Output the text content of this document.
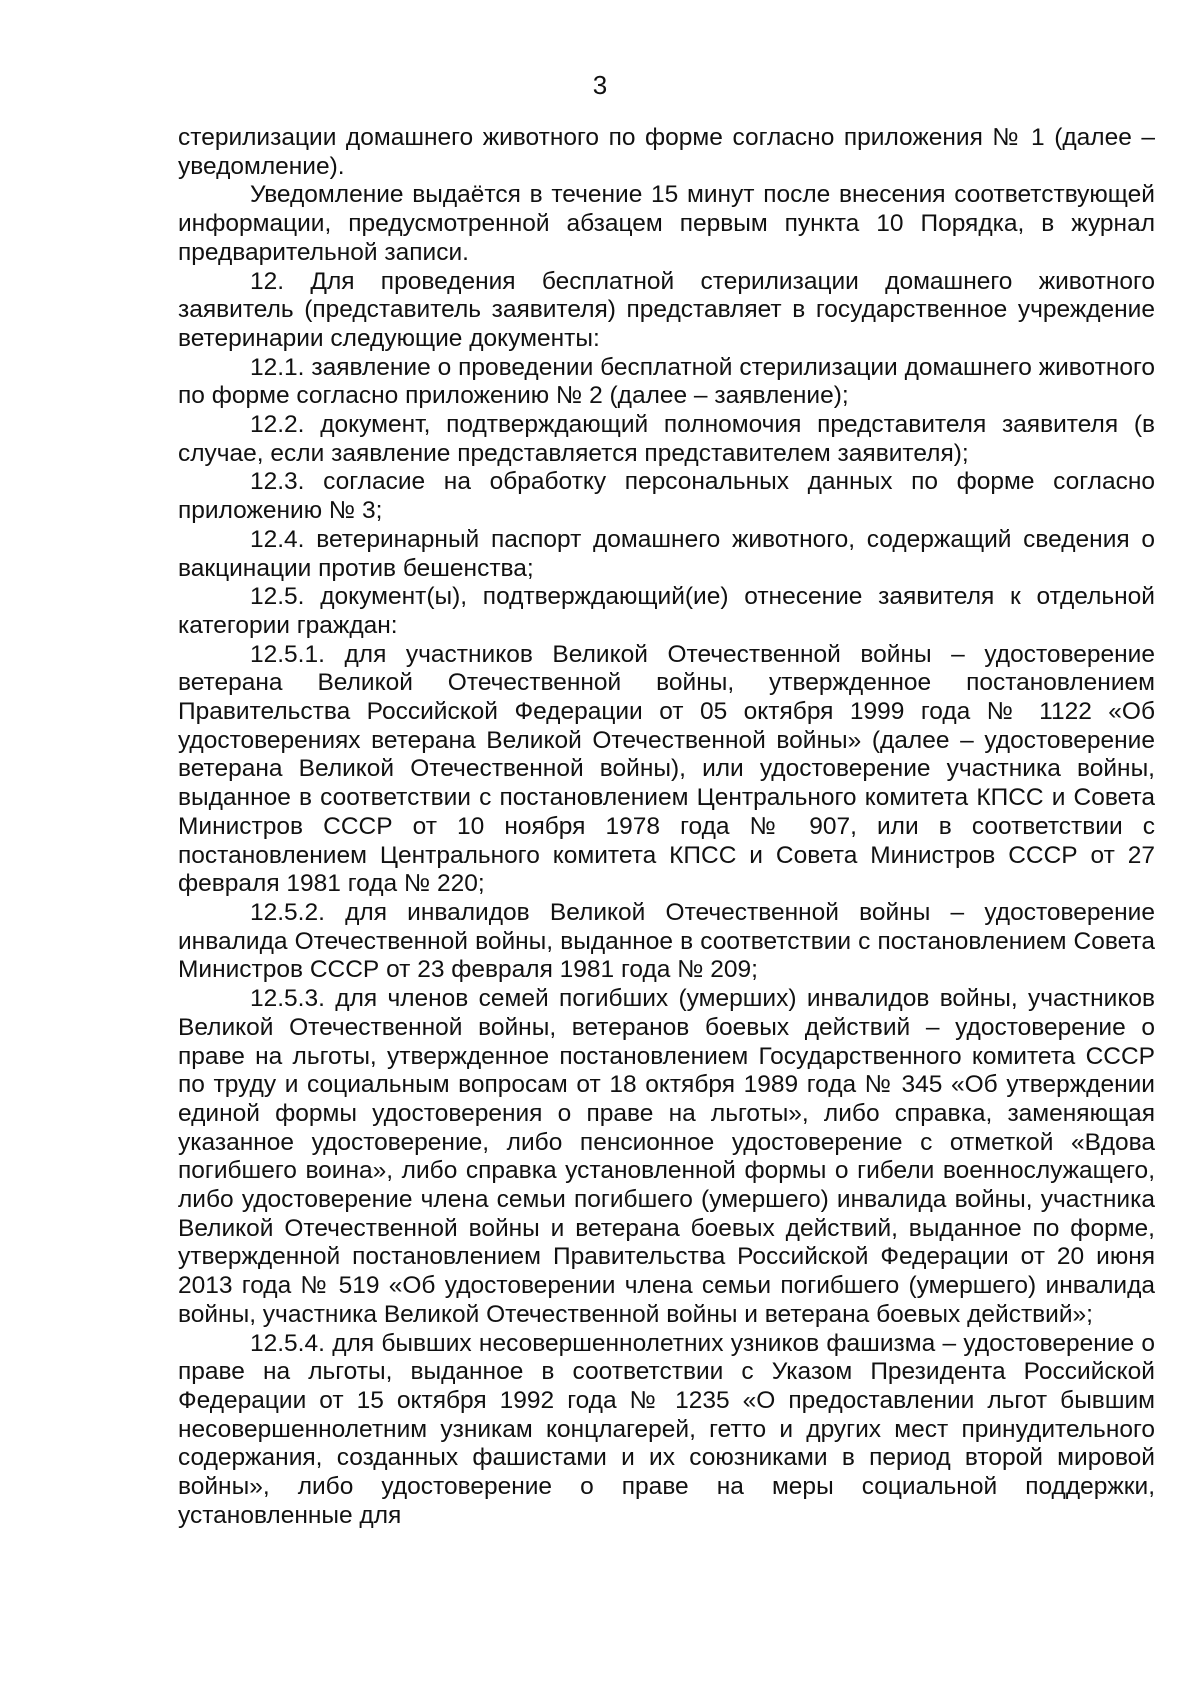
3

стерилизации домашнего животного по форме согласно приложения № 1 (далее – уведомление).

Уведомление выдаётся в течение 15 минут после внесения соответствующей информации, предусмотренной абзацем первым пункта 10 Порядка, в журнал предварительной записи.

12. Для проведения бесплатной стерилизации домашнего животного заявитель (представитель заявителя) представляет в государственное учреждение ветеринарии следующие документы:

12.1. заявление о проведении бесплатной стерилизации домашнего животного по форме согласно приложению № 2 (далее – заявление);

12.2. документ, подтверждающий полномочия представителя заявителя (в случае, если заявление представляется представителем заявителя);

12.3. согласие на обработку персональных данных по форме согласно приложению № 3;

12.4. ветеринарный паспорт домашнего животного, содержащий сведения о вакцинации против бешенства;

12.5. документ(ы), подтверждающий(ие) отнесение заявителя к отдельной категории граждан:

12.5.1. для участников Великой Отечественной войны – удостоверение ветерана Великой Отечественной войны, утвержденное постановлением Правительства Российской Федерации от 05 октября 1999 года № 1122 «Об удостоверениях ветерана Великой Отечественной войны» (далее – удостоверение ветерана Великой Отечественной войны), или удостоверение участника войны, выданное в соответствии с постановлением Центрального комитета КПСС и Совета Министров СССР от 10 ноября 1978 года № 907, или в соответствии с постановлением Центрального комитета КПСС и Совета Министров СССР от 27 февраля 1981 года № 220;

12.5.2. для инвалидов Великой Отечественной войны – удостоверение инвалида Отечественной войны, выданное в соответствии с постановлением Совета Министров СССР от 23 февраля 1981 года № 209;

12.5.3. для членов семей погибших (умерших) инвалидов войны, участников Великой Отечественной войны, ветеранов боевых действий – удостоверение о праве на льготы, утвержденное постановлением Государственного комитета СССР по труду и социальным вопросам от 18 октября 1989 года № 345 «Об утверждении единой формы удостоверения о праве на льготы», либо справка, заменяющая указанное удостоверение, либо пенсионное удостоверение с отметкой «Вдова погибшего воина», либо справка установленной формы о гибели военнослужащего, либо удостоверение члена семьи погибшего (умершего) инвалида войны, участника Великой Отечественной войны и ветерана боевых действий, выданное по форме, утвержденной постановлением Правительства Российской Федерации от 20 июня 2013 года № 519 «Об удостоверении члена семьи погибшего (умершего) инвалида войны, участника Великой Отечественной войны и ветерана боевых действий»;

12.5.4. для бывших несовершеннолетних узников фашизма – удостоверение о праве на льготы, выданное в соответствии с Указом Президента Российской Федерации от 15 октября 1992 года № 1235 «О предоставлении льгот бывшим несовершеннолетним узникам концлагерей, гетто и других мест принудительного содержания, созданных фашистами и их союзниками в период второй мировой войны», либо удостоверение о праве на меры социальной поддержки, установленные для
